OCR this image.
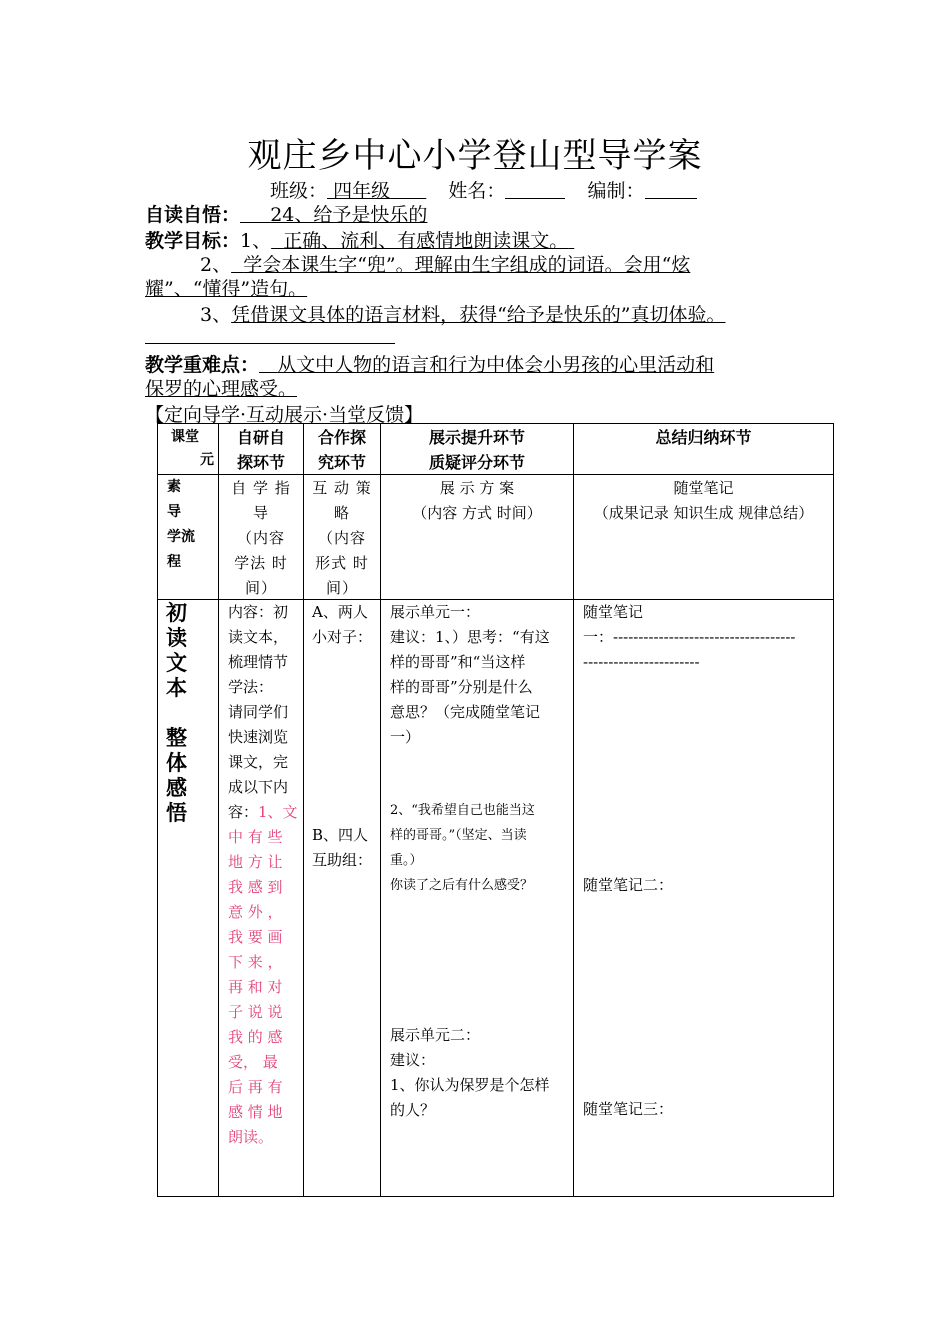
观庄乡中心小学登山型导学案
班级： 四年级	姓名：	编制：
自读自悟： 24、给予是快乐的
教学目标：1、 正确、流利、有感情地朗读课文。
2、 学会本课生字“兜”。理解由生字组成的词语。会用“炫
耀”、“懂得”造句。
3、凭借课文具体的语言材料，获得“给予是快乐的”真切体验。
教学重难点： 从文中人物的语言和行为中体会小男孩的心里活动和
保罗的心理感受。
【定向导学·互动展示·当堂反馈】
课堂
元
素
导
学流
程
自研自
探环节
合作探
究环节
展示提升环节
质疑评分环节
总结归纳环节
自 学 指
导
（内容
学法 时
间）
互 动 策
略
（内容
形式 时
间）
展 示 方 案
（内容 方式 时间）
随堂笔记
（成果记录 知识生成 规律总结）
初
读
文
本
整
体
感
悟
内容：初
读文本，
梳理情节
学法：
请同学们
快速浏览
课文，完
成以下内
容：1、文
中 有 些
地 方 让
我 感 到
意 外 ，
我 要 画
下 来 ，
再 和 对
子 说 说
我 的 感
受， 最
后 再 有
感 情 地
朗读。
A、两人
小对子：
B、四人
互助组：
展示单元一：
建议：1、）思考：“有这
样的哥哥”和“当这样
样的哥哥”分别是什么
意思？（完成随堂笔记
一）
2、“我希望自己也能当这
样的哥哥。”（坚定、当读
重。）
你读了之后有什么感受？
展示单元二：
建议：
1、你认为保罗是个怎样
的人？
随堂笔记
一：------------------------------------
-----------------------
随堂笔记二：
随堂笔记三：
